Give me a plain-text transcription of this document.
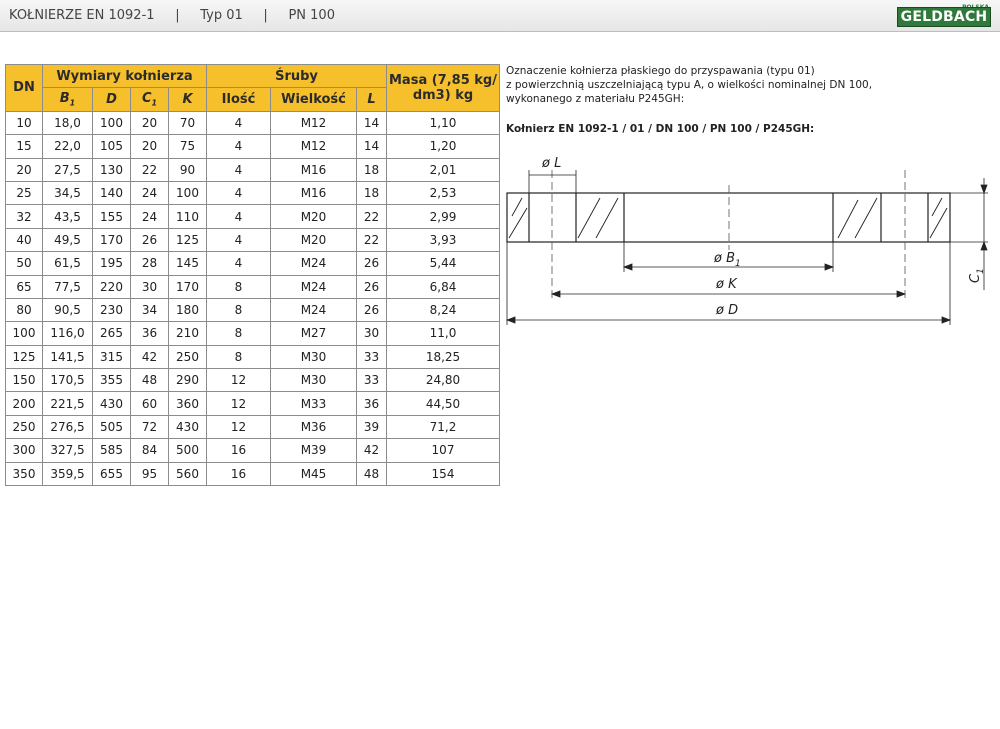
KOŁNIERZE EN 1092-1     |     Typ 01     |     PN 100	GELDBACH
DN	Wymiary kołnierza				Śruby			Masa (7,85 kg/ dm3) kg
	$B_1$	D	$C_1$	K	Ilość	Wielkość	L	
10	18,0	100	20	70	4	M12	14	1,10
15	22,0	105	20	75	4	M12	14	1,20
20	27,5	130	22	90	4	M16	18	2,01
25	34,5	140	24	100	4	M16	18	2,53
32	43,5	155	24	110	4	M20	22	2,99
40	49,5	170	26	125	4	M20	22	3,93
50	61,5	195	28	145	4	M24	26	5,44
65	77,5	220	30	170	8	M24	26	6,84
80	90,5	230	34	180	8	M24	26	8,24
100	116,0	265	36	210	8	M27	30	11,0
125	141,5	315	42	250	8	M30	33	18,25
150	170,5	355	48	290	12	M30	33	24,80
200	221,5	430	60	360	12	M33	36	44,50
250	276,5	505	72	430	12	M36	39	71,2
300	327,5	585	84	500	16	M39	42	107
350	359,5	655	95	560	16	M45	48	154
Oznaczenie kołnierza płaskiego do przyspawania (typu 01)
z powierzchnią uszczelniającą typu A, o wielkości nominalnej DN 100,
wykonanego z materiału P245GH:
Kołnierz EN 1092-1 / 01 / DN 100 / PN 100 / P245GH:
ø L
ø $B_1$
ø K
ø D
$C_1$
